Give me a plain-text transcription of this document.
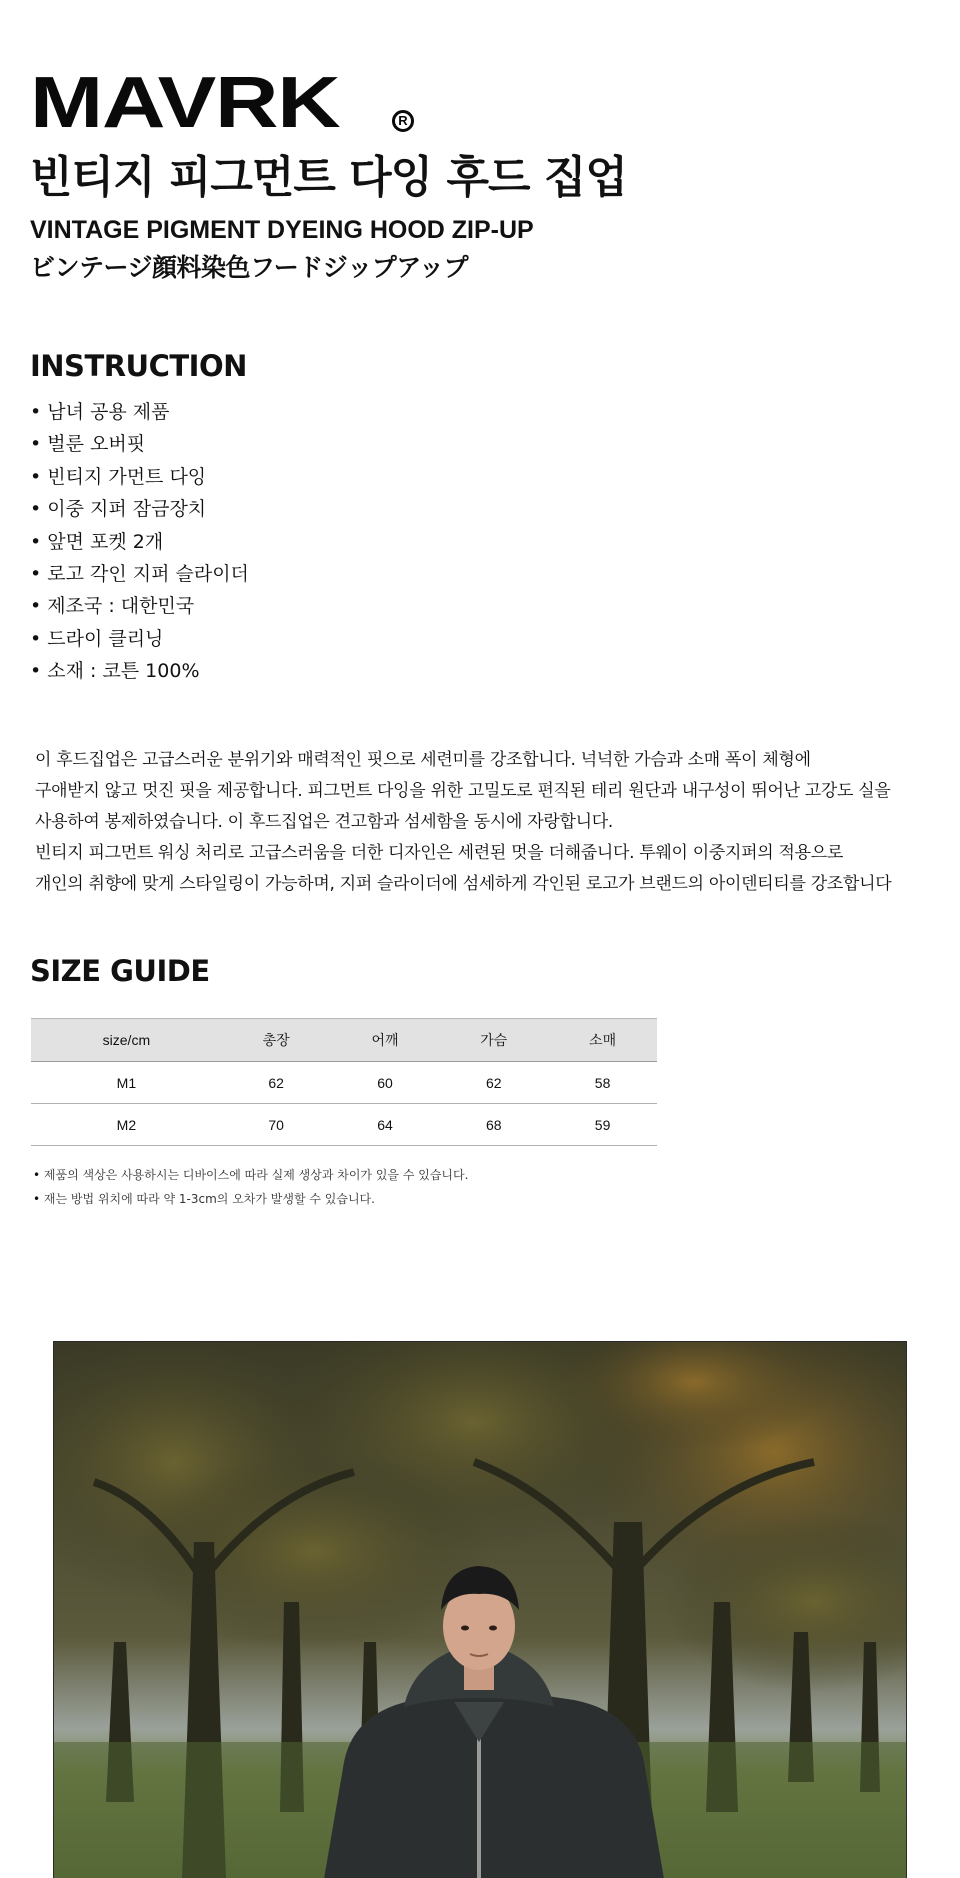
MAVRK	R
빈티지 피그먼트 다잉 후드 집업
VINTAGE PIGMENT DYEING HOOD ZIP-UP
ビンテージ顔料染色フードジップアップ
INSTRUCTION
• 남녀 공용 제품
• 벌룬 오버핏
• 빈티지 가먼트 다잉
• 이중 지퍼 잠금장치
• 앞면 포켓 2개
• 로고 각인 지퍼 슬라이더
• 제조국 : 대한민국
• 드라이 클리닝
• 소재 : 코튼 100%

이 후드집업은 고급스러운 분위기와 매력적인 핏으로 세련미를 강조합니다. 넉넉한 가슴과 소매 폭이 체형에

구애받지 않고 멋진 핏을 제공합니다. 피그먼트 다잉을 위한 고밀도로 편직된 테리 원단과 내구성이 뛰어난 고강도 실을

사용하여 봉제하였습니다. 이 후드집업은 견고함과 섬세함을 동시에 자랑합니다.

빈티지 피그먼트 워싱 처리로 고급스러움을 더한 디자인은 세련된 멋을 더해줍니다. 투웨이 이중지퍼의 적용으로

개인의 취향에 맞게 스타일링이 가능하며, 지퍼 슬라이더에 섬세하게 각인된 로고가 브랜드의 아이덴티티를 강조합니다

SIZE GUIDE
size/cm	총장	어깨	가슴	소매
M1	62	60	62	58
M2	70	64	68	59
• 제품의 색상은 사용하시는 디바이스에 따라 실제 생상과 차이가 있을 수 있습니다.
• 재는 방법 위치에 따라 약 1-3cm의 오차가 발생할 수 있습니다.
